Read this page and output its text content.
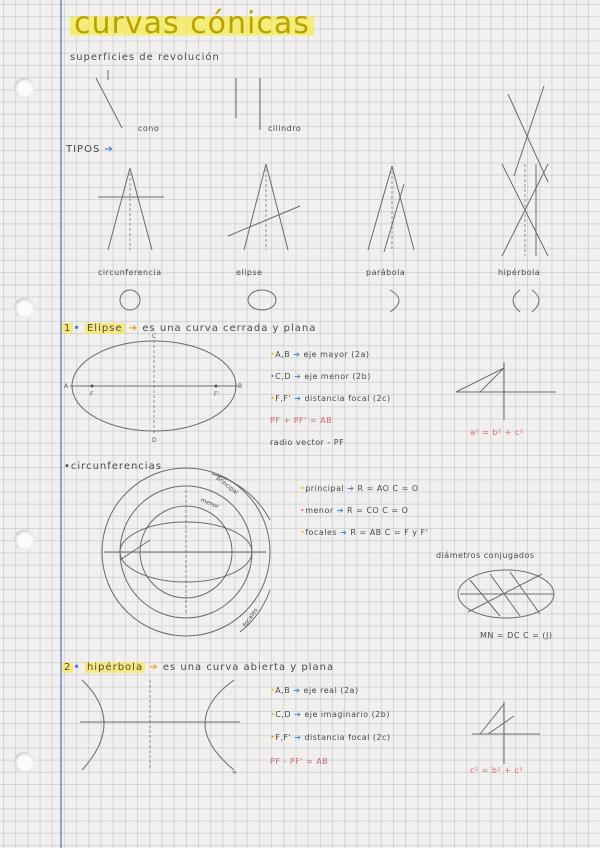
curvas cónicas
superficies de revolución
cono	cilindro
TIPOS ➔
circunferencia	elipse	parábola	hipérbola
1 • Elipse ➔ es una curva cerrada y plana
•A,B ➔ eje mayor (2a)
•C,D ➔ eje menor (2b)
•F,F' ➔ distancia focal (2c)
PF + PF' = AB
radio vector - PF
a² = b² + c²
•circunferencias
•principal ➔ R = AO C = O
•menor ➔ R = CO C = O
•focales ➔ R = AB C = F y F'
diámetros conjugados
MN = DC C = (J)
2 • hipérbola ➔ es una curva abierta y plana
•A,B ➔ eje real (2a)
•C,D ➔ eje imaginario (2b)
•F,F' ➔ distancia focal (2c)
PF - PF' = AB
c² = b² + c²
A	B
C
D
F	F'
∞
principal
menor
focales
